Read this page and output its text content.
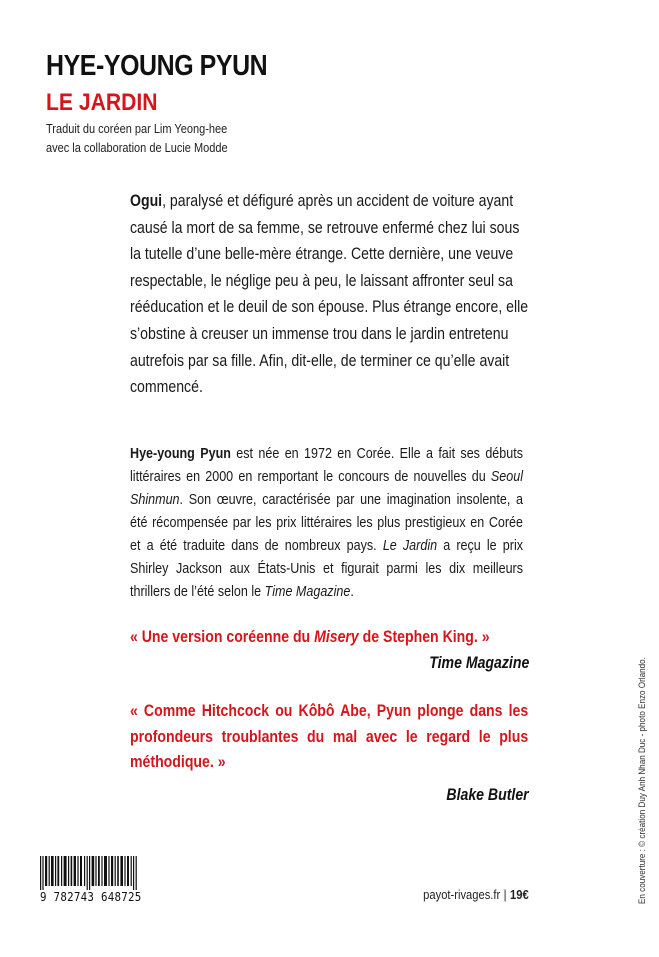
HYE-YOUNG PYUN
LE JARDIN
Traduit du coréen par Lim Yeong-hee
avec la collaboration de Lucie Modde
Ogui, paralysé et défiguré après un accident de voiture ayant causé la mort de sa femme, se retrouve enfermé chez lui sous la tutelle d’une belle-mère étrange. Cette dernière, une veuve respectable, le néglige peu à peu, le laissant affronter seul sa rééducation et le deuil de son épouse. Plus étrange encore, elle s’obstine à creuser un immense trou dans le jardin entretenu autrefois par sa fille. Afin, dit-elle, de terminer ce qu’elle avait commencé.
Hye-young Pyun est née en 1972 en Corée. Elle a fait ses débuts littéraires en 2000 en remportant le concours de nouvelles du Seoul Shinmun. Son œuvre, caractérisée par une imagination insolente, a été récompensée par les prix littéraires les plus prestigieux en Corée et a été traduite dans de nombreux pays. Le Jardin a reçu le prix Shirley Jackson aux États-Unis et figurait parmi les dix meilleurs thrillers de l’été selon le Time Magazine.
« Une version coréenne du Misery de Stephen King. »
Time Magazine
« Comme Hitchcock ou Kôbô Abe, Pyun plonge dans les profondeurs troublantes du mal avec le regard le plus méthodique. »
Blake Butler
9 782743 648725	payot-rivages.fr | 19€	En couverture : © création Duy Anh Nhan Duc - photo Enzo Orlando.
